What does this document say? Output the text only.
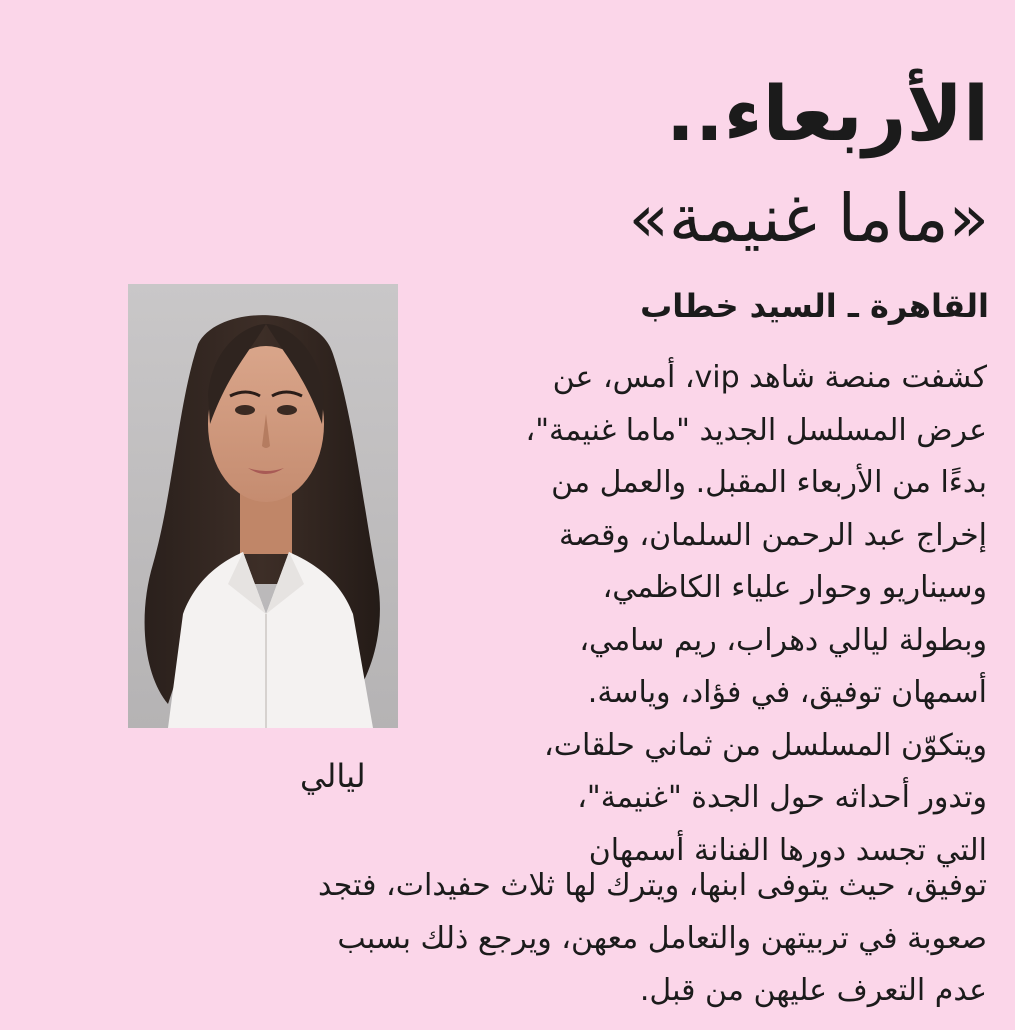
الأربعاء..
«ماما غنيمة»
القاهرة ـ السيد خطاب
ليالي
كشفت منصة شاهد vip، أمس، عن
عرض المسلسل الجديد "ماما غنيمة"،
بدءًا من الأربعاء المقبل. والعمل من
إخراج عبد الرحمن السلمان، وقصة
وسيناريو وحوار علياء الكاظمي،
وبطولة ليالي دهراب، ريم سامي،
أسمهان توفيق، في فؤاد، وياسة.
ويتكوّن المسلسل من ثماني حلقات،
وتدور أحداثه حول الجدة "غنيمة"،
التي تجسد دورها الفنانة أسمهان
توفيق، حيث يتوفى ابنها، ويترك لها ثلاث حفيدات، فتجد
صعوبة في تربيتهن والتعامل معهن، ويرجع ذلك بسبب
عدم التعرف عليهن من قبل.
